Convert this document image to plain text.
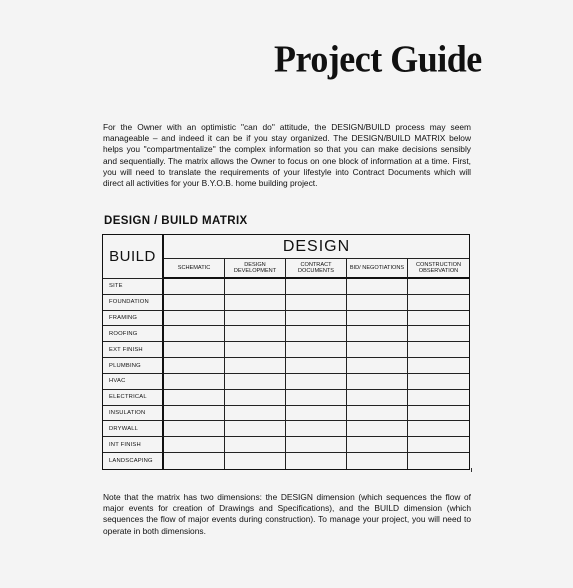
Project Guide

For the Owner with an optimistic "can do" attitude, the DESIGN/BUILD process may seem manageable – and indeed it can be if you stay organized. The DESIGN/BUILD MATRIX below helps you "compartmentalize" the complex information so that you can make decisions sensibly and sequentially. The matrix allows the Owner to focus on one block of information at a time. First, you will need to translate the requirements of your lifestyle into Contract Documents which will direct all activities for your B.Y.O.B. home building project.

DESIGN / BUILD MATRIX
BUILD
DESIGN
SCHEMATIC
DESIGN DEVELOPMENT
CONTRACT DOCUMENTS
BID/ NEGOTIATIONS
CONSTRUCTION OBSERVATION
SITE
FOUNDATION
FRAMING
ROOFING
EXT FINISH
PLUMBING
HVAC
ELECTRICAL
INSULATION
DRYWALL
INT FINISH
LANDSCAPING

Note that the matrix has two dimensions: the DESIGN dimension (which sequences the flow of major events for creation of Drawings and Specifications), and the BUILD dimension (which sequences the flow of major events during construction). To manage your project, you will need to operate in both dimensions.
